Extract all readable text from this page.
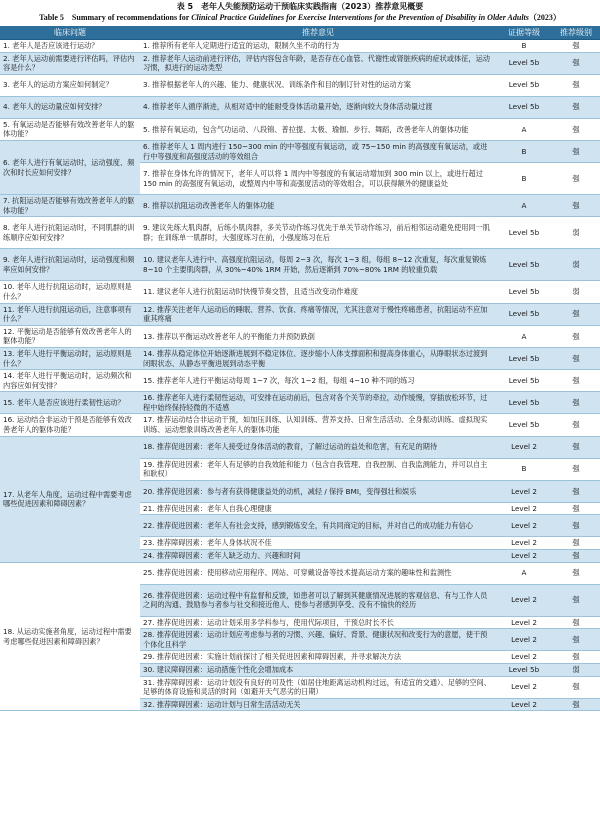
表 5　老年人失能预防运动干预临床实践指南（2023）推荐意见概要
Table 5　Summary of recommendations for Clinical Practice Guidelines for Exercise Interventions for the Prevention of Disability in Older Adults（2023）
临床问题	推荐意见	证据等级	推荐级别
1. 老年人是否应该进行运动？	1. 推荐所有老年人定期进行适宜的运动，限制久坐不动的行为	B	强
2. 老年人运动前需要进行评估吗，评估内容是什么？	2. 推荐老年人运动前进行评估，评估内容包含年龄，是否存在心血管、代谢性或肾脏疾病的症状或体征，运动习惯，拟进行的运动类型	Level 5b	强
3. 老年人的运动方案应如何制定？	3. 推荐根据老年人的兴趣、能力、健康状况、训练条件和目的制订针对性的运动方案	Level 5b	强
4. 老年人的运动量应如何安排？	4. 推荐老年人循序渐进，从相对适中的能耐受身体活动量开始，逐渐向较大身体活动量过渡	Level 5b	强
5. 有氧运动是否能够有效改善老年人的躯体功能？	5. 推荐有氧运动，包含气功运动、八段锦、普拉提、太极、瑜伽、步行、舞蹈，改善老年人的躯体功能	A	强
6. 老年人进行有氧运动时，运动强度、频次和时长应如何安排？	6. 推荐老年人 1 周内进行 150~300 min 的中等强度有氧运动，或 75~150 min 的高强度有氧运动，或进行中等强度和高强度活动的等效组合	B	强
	7. 推荐在身体允许的情况下，老年人可以将 1 周内中等强度的有氧运动增加到 300 min 以上，或进行超过 150 min 的高强度有氧运动，或整周内中等和高强度活动的等效组合，可以获得额外的健康益处	B	强
7. 抗阻运动是否能够有效改善老年人的躯体功能？	8. 推荐以抗阻运动改善老年人的躯体功能	A	强
8. 老年人进行抗阻运动时，不同肌群的训练顺序应如何安排？	9. 建议先练大肌肉群，后练小肌肉群，多关节动作练习优先于单关节动作练习，前后相邻运动避免使用同一肌群；在训练单一肌群时，大强度练习在前，小强度练习在后	Level 5b	弱
9. 老年人进行抗阻运动时，运动强度和频率应如何安排？	10. 建议老年人进行中、高强度抗阻运动，每周 2~3 次，每次 1~3 组，每组 8~12 次重复，每次重复锻炼 8~10 个主要肌肉群，从 30%~40% 1RM 开始，然后逐渐到 70%~80% 1RM 的较重负载	Level 5b	弱
10. 老年人进行抗阻运动时，运动原则是什么？	11. 建议老年人进行抗阻运动时快慢节奏交替，且适当改变动作难度	Level 5b	弱
11. 老年人进行抗阻运动后，注意事项有什么？	12. 推荐关注老年人运动后的睡眠、营养、饮食、疼痛等情况，尤其注意对于慢性疼痛患者，抗阻运动不应加重其疼痛	Level 5b	强
12. 平衡运动是否能够有效改善老年人的躯体功能？	13. 推荐以平衡运动改善老年人的平衡能力并预防跌倒	A	强
13. 老年人进行平衡运动时，运动原则是什么？	14. 推荐从稳定体位开始逐渐进展到不稳定体位、逐步缩小人体支撑面积和提高身体重心，从睁眼状态过渡到闭眼状态、从静态平衡进展到动态平衡	Level 5b	强
14. 老年人进行平衡运动时，运动频次和内容应如何安排？	15. 推荐老年人进行平衡运动每周 1~7 次，每次 1~2 组，每组 4~10 种不同的练习	Level 5b	强
15. 老年人是否应该进行柔韧性运动？	16. 推荐老年人进行柔韧性运动，可安排在运动前后，包含对各个关节的牵拉，动作缓慢，穿插放松环节，过程中始终保持轻微的不适感	Level 5b	强
16. 运动结合非运动干预是否能够有效改善老年人的躯体功能？	17. 推荐运动结合非运动干预，如加压训练、认知训练、营养支持、日常生活活动、全身振动训练、虚拟现实训练、运动想象训练改善老年人的躯体功能	Level 5b	强
17. 从老年人角度，运动过程中需要考虑哪些促进因素和障碍因素？	18. 推荐促进因素：老年人接受过身体活动的教育，了解过运动的益处和危害，有充足的期待	Level 2	强
	19. 推荐促进因素：老年人有足够的自我效能和能力（包含自我管理、自我控制、自我监测能力，并可以自主和耿权）	B	强
	20. 推荐促进因素：参与者有获得健康益处的动机，减轻 / 保持 BMI，变得强壮和娱乐	Level 2	强
	21. 推荐促进因素：老年人自我心理健康	Level 2	强
	22. 推荐促进因素：老年人有社会支持，感到锻炼安全，有共同商定的目标，并对自己的成功能力有信心	Level 2	强
	23. 推荐障碍因素：老年人身体状况不佳	Level 2	强
	24. 推荐障碍因素：老年人缺乏动力、兴趣和时间	Level 2	强
18. 从运动实施者角度，运动过程中需要考虑哪些促进因素和障碍因素？	25. 推荐促进因素：使用移动应用程序、网站、可穿戴设备等技术提高运动方案的趣味性和监测性	A	强
	26. 推荐促进因素：运动过程中有监督和反馈，如患者可以了解到其健康情况进展的客观信息、有与工作人员之间的沟通、鼓励参与者参与社交和接近他人、使参与者感到享受、没有不愉快的经历	Level 2	强
	27. 推荐促进因素：运动计划采用多学科参与，使用代际项目，干预总时长不长	Level 2	强
	28. 推荐促进因素：运动计划应考虑参与者的习惯、兴趣、偏好、背景、健康状况和改变行为的意愿，使干预个体化且科学	Level 2	强
	29. 推荐促进因素：实施计划前探讨了相关促进因素和障碍因素，并寻求解决方法	Level 2	强
	30. 建议障碍因素：运动措施个性化会增加成本	Level 5b	弱
	31. 推荐障碍因素：运动计划没有良好的可及性（如居住地距离运动机构过远，有适宜的交通）、足够的空间、足够的体育设施和灵活的时间（如避开天气恶劣的日期）	Level 2	强
	32. 推荐障碍因素：运动计划与日常生活活动无关	Level 2	强
